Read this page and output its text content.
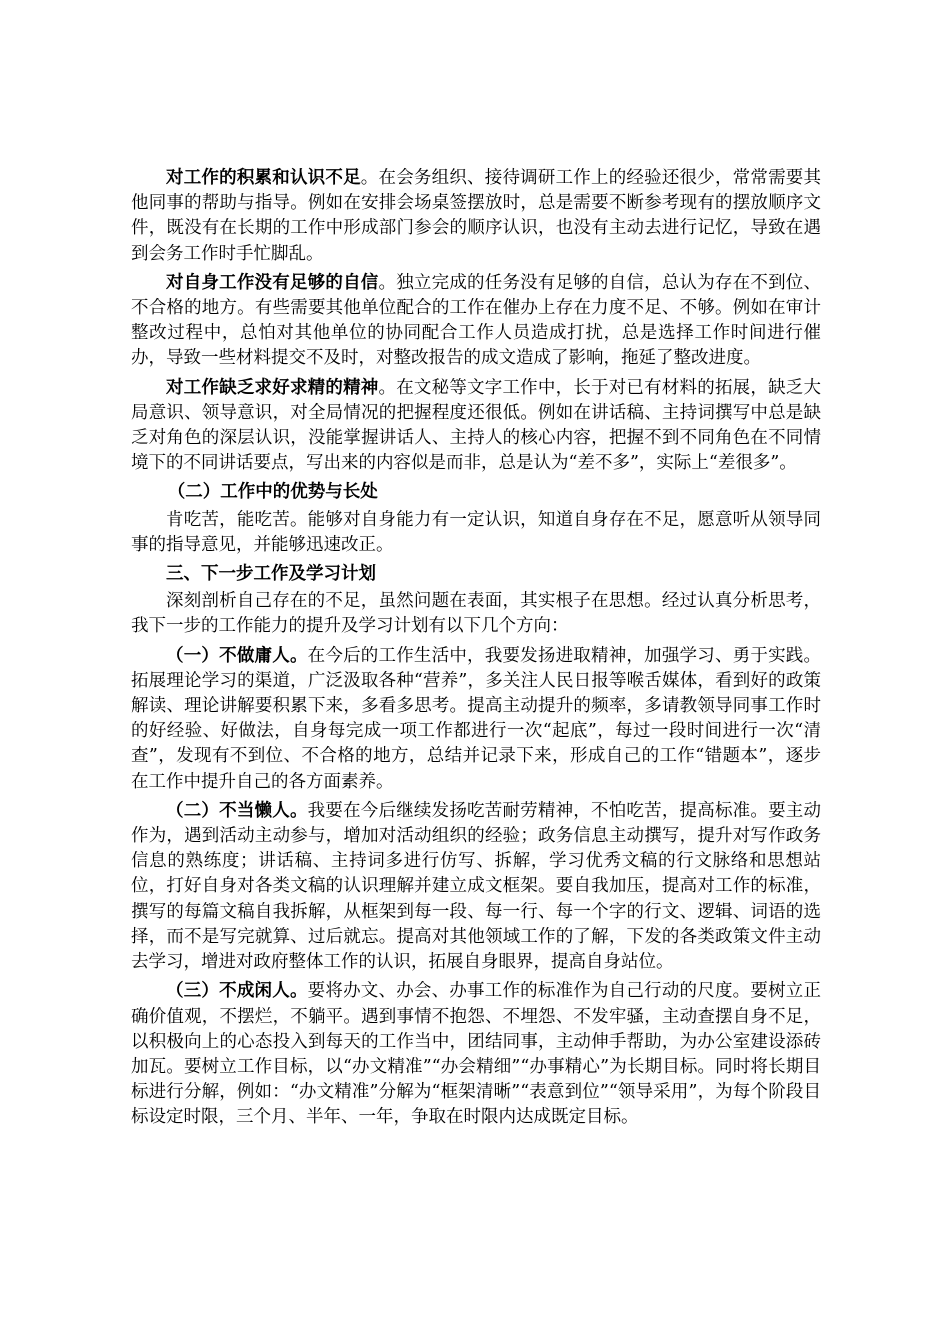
对工作的积累和认识不足。在会务组织、接待调研工作上的经验还很少，常常需要其他同事的帮助与指导。例如在安排会场桌签摆放时，总是需要不断参考现有的摆放顺序文件，既没有在长期的工作中形成部门参会的顺序认识，也没有主动去进行记忆，导致在遇到会务工作时手忙脚乱。

对自身工作没有足够的自信。独立完成的任务没有足够的自信，总认为存在不到位、不合格的地方。有些需要其他单位配合的工作在催办上存在力度不足、不够。例如在审计整改过程中，总怕对其他单位的协同配合工作人员造成打扰，总是选择工作时间进行催办，导致一些材料提交不及时，对整改报告的成文造成了影响，拖延了整改进度。

对工作缺乏求好求精的精神。在文秘等文字工作中，长于对已有材料的拓展，缺乏大局意识、领导意识，对全局情况的把握程度还很低。例如在讲话稿、主持词撰写中总是缺乏对角色的深层认识，没能掌握讲话人、主持人的核心内容，把握不到不同角色在不同情境下的不同讲话要点，写出来的内容似是而非，总是认为“差不多”，实际上“差很多”。

（二）工作中的优势与长处

肯吃苦，能吃苦。能够对自身能力有一定认识，知道自身存在不足，愿意听从领导同事的指导意见，并能够迅速改正。

三、下一步工作及学习计划

深刻剖析自己存在的不足，虽然问题在表面，其实根子在思想。经过认真分析思考，我下一步的工作能力的提升及学习计划有以下几个方向：

（一）不做庸人。在今后的工作生活中，我要发扬进取精神，加强学习、勇于实践。拓展理论学习的渠道，广泛汲取各种“营养”，多关注人民日报等喉舌媒体，看到好的政策解读、理论讲解要积累下来，多看多思考。提高主动提升的频率，多请教领导同事工作时的好经验、好做法，自身每完成一项工作都进行一次“起底”，每过一段时间进行一次“清查”，发现有不到位、不合格的地方，总结并记录下来，形成自己的工作“错题本”，逐步在工作中提升自己的各方面素养。

（二）不当懒人。我要在今后继续发扬吃苦耐劳精神，不怕吃苦，提高标准。要主动作为，遇到活动主动参与，增加对活动组织的经验；政务信息主动撰写，提升对写作政务信息的熟练度；讲话稿、主持词多进行仿写、拆解，学习优秀文稿的行文脉络和思想站位，打好自身对各类文稿的认识理解并建立成文框架。要自我加压，提高对工作的标准，撰写的每篇文稿自我拆解，从框架到每一段、每一行、每一个字的行文、逻辑、词语的选择，而不是写完就算、过后就忘。提高对其他领域工作的了解，下发的各类政策文件主动去学习，增进对政府整体工作的认识，拓展自身眼界，提高自身站位。

（三）不成闲人。要将办文、办会、办事工作的标准作为自己行动的尺度。要树立正确价值观，不摆烂，不躺平。遇到事情不抱怨、不埋怨、不发牢骚，主动查摆自身不足，以积极向上的心态投入到每天的工作当中，团结同事，主动伸手帮助，为办公室建设添砖加瓦。要树立工作目标，以“办文精准”“办会精细”“办事精心”为长期目标。同时将长期目标进行分解，例如：“办文精准”分解为“框架清晰”“表意到位”“领导采用”，为每个阶段目标设定时限，三个月、半年、一年，争取在时限内达成既定目标。
